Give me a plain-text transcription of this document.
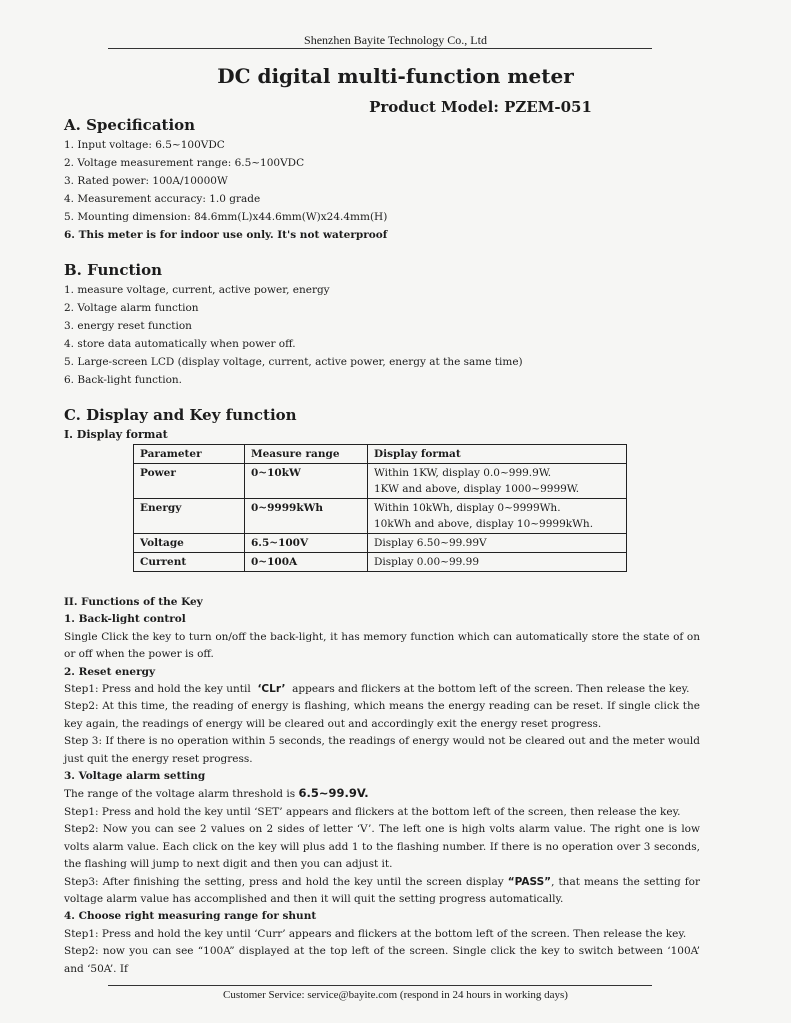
Shenzhen Bayite Technology Co., Ltd
DC digital multi-function meter
Product Model: PZEM-051
A. Specification
1. Input voltage: 6.5~100VDC
2. Voltage measurement range: 6.5~100VDC
3. Rated power: 100A/10000W
4. Measurement accuracy: 1.0 grade
5. Mounting dimension: 84.6mm(L)x44.6mm(W)x24.4mm(H)
6. This meter is for indoor use only. It's not waterproof
B. Function
1. measure voltage, current, active power, energy
2. Voltage alarm function
3. energy reset function
4. store data automatically when power off.
5. Large-screen LCD (display voltage, current, active power, energy at the same time)
6. Back-light function.
C. Display and Key function
I. Display format
Parameter	Measure range	Display format
Power	0~10kW	Within 1KW, display 0.0~999.9W.
1KW and above, display 1000~9999W.

Energy	0~9999kWh	Within 10kWh, display 0~9999Wh.
10kWh and above, display 10~9999kWh.

Voltage	6.5~100V	Display 6.50~99.99V
Current	0~100A	Display 0.00~99.99

II. Functions of the Key

1. Back-light control

Single Click the key to turn on/off the back-light, it has memory function which can automatically store the state of on or off when the power is off.

2. Reset energy

Step1: Press and hold the key until ‘CLr’ appears and flickers at the bottom left of the screen. Then release the key.

Step2: At this time, the reading of energy is flashing, which means the energy reading can be reset. If single click the key again, the readings of energy will be cleared out and accordingly exit the energy reset progress.

Step 3: If there is no operation within 5 seconds, the readings of energy would not be cleared out and the meter would just quit the energy reset progress.

3. Voltage alarm setting

The range of the voltage alarm threshold is 6.5~99.9V.

Step1: Press and hold the key until ‘SET’ appears and flickers at the bottom left of the screen, then release the key.

Step2: Now you can see 2 values on 2 sides of letter ‘V’. The left one is high volts alarm value. The right one is low volts alarm value. Each click on the key will plus add 1 to the flashing number. If there is no operation over 3 seconds, the flashing will jump to next digit and then you can adjust it.

Step3: After finishing the setting, press and hold the key until the screen display “PASS”, that means the setting for voltage alarm value has accomplished and then it will quit the setting progress automatically.

4. Choose right measuring range for shunt

Step1: Press and hold the key until ‘Curr’ appears and flickers at the bottom left of the screen. Then release the key.

Step2: now you can see “100A” displayed at the top left of the screen. Single click the key to switch between ‘100A’ and ‘50A’. If

Customer Service: service@bayite.com (respond in 24 hours in working days)
